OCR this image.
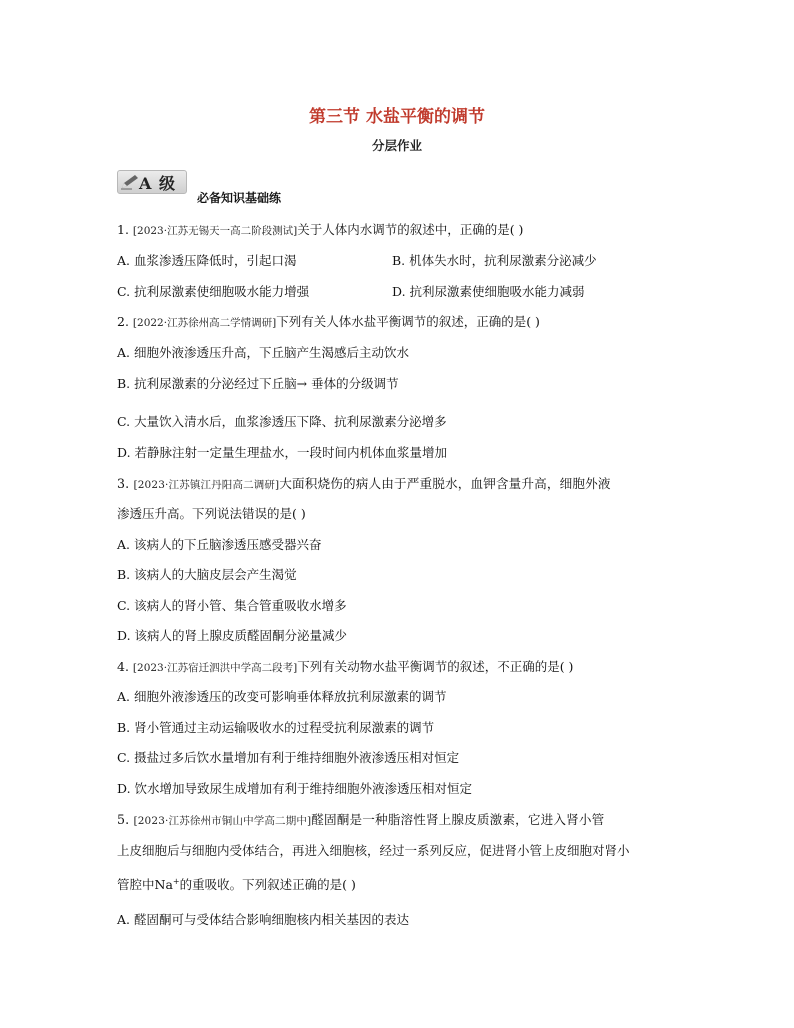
第三节 水盐平衡的调节
分层作业
A 级
必备知识基础练
1. [2023·江苏无锡天一高二阶段测试]关于人体内水调节的叙述中，正确的是( )
A. 血浆渗透压降低时，引起口渴	B. 机体失水时，抗利尿激素分泌减少
C. 抗利尿激素使细胞吸水能力增强	D. 抗利尿激素使细胞吸水能力减弱
2. [2022·江苏徐州高二学情调研]下列有关人体水盐平衡调节的叙述，正确的是( )
A. 细胞外液渗透压升高，下丘脑产生渴感后主动饮水
B. 抗利尿激素的分泌经过下丘脑→ 垂体的分级调节
C. 大量饮入清水后，血浆渗透压下降、抗利尿激素分泌增多
D. 若静脉注射一定量生理盐水，一段时间内机体血浆量增加
3. [2023·江苏镇江丹阳高二调研]大面积烧伤的病人由于严重脱水，血钾含量升高，细胞外液
渗透压升高。下列说法错误的是( )
A. 该病人的下丘脑渗透压感受器兴奋
B. 该病人的大脑皮层会产生渴觉
C. 该病人的肾小管、集合管重吸收水增多
D. 该病人的肾上腺皮质醛固酮分泌量减少
4. [2023·江苏宿迁泗洪中学高二段考]下列有关动物水盐平衡调节的叙述，不正确的是( )
A. 细胞外液渗透压的改变可影响垂体释放抗利尿激素的调节
B. 肾小管通过主动运输吸收水的过程受抗利尿激素的调节
C. 摄盐过多后饮水量增加有利于维持细胞外液渗透压相对恒定
D. 饮水增加导致尿生成增加有利于维持细胞外液渗透压相对恒定
5. [2023·江苏徐州市铜山中学高二期中]醛固酮是一种脂溶性肾上腺皮质激素，它进入肾小管
上皮细胞后与细胞内受体结合，再进入细胞核，经过一系列反应，促进肾小管上皮细胞对肾小
管腔中Na+的重吸收。下列叙述正确的是( )
A. 醛固酮可与受体结合影响细胞核内相关基因的表达
